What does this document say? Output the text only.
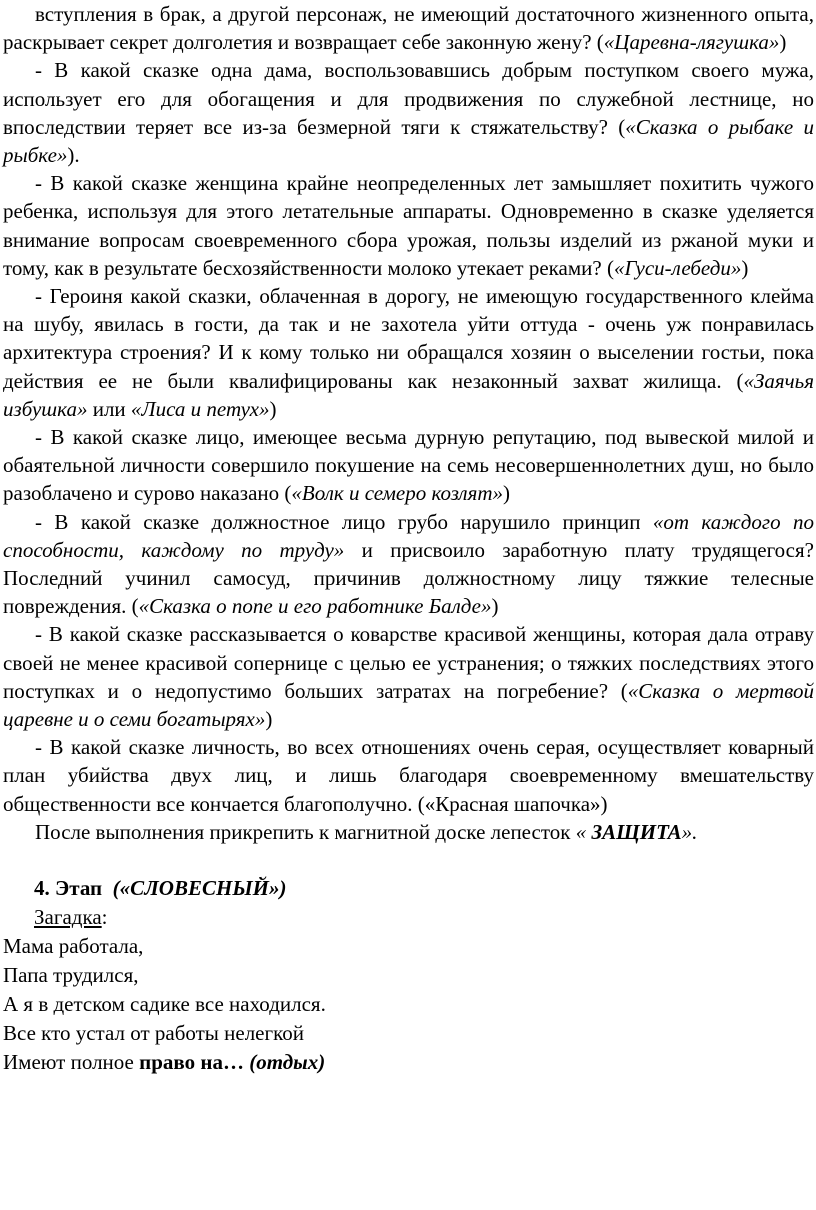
вступления в брак, а другой персонаж, не имеющий достаточного жизненного опыта, раскрывает секрет долголетия и возвращает себе законную жену? («Царевна-лягушка»)

- В какой сказке одна дама, воспользовавшись добрым поступком своего мужа, использует его для обогащения и для продвижения по служебной лестнице, но впоследствии теряет все из-за безмерной тяги к стяжательству? («Сказка о рыбаке и рыбке»).

- В какой сказке женщина крайне неопределенных лет замышляет похитить чужого ребенка, используя для этого летательные аппараты. Одновременно в сказке уделяется внимание вопросам своевременного сбора урожая, пользы изделий из ржаной муки и тому, как в результате бесхозяйственности молоко утекает реками? («Гуси-лебеди»)

- Героиня какой сказки, облаченная в дорогу, не имеющую государственного клейма на шубу, явилась в гости, да так и не захотела уйти оттуда - очень уж понравилась архитектура строения? И к кому только ни обращался хозяин о выселении гостьи, пока действия ее не были квалифицированы как незаконный захват жилища. («Заячья избушка» или «Лиса и петух»)

- В какой сказке лицо, имеющее весьма дурную репутацию, под вывеской милой и обаятельной личности совершило покушение на семь несовершеннолетних душ, но было разоблачено и сурово наказано («Волк и семеро козлят»)

- В какой сказке должностное лицо грубо нарушило принцип «от каждого по способности, каждому по труду» и присвоило заработную плату трудящегося? Последний учинил самосуд, причинив должностному лицу тяжкие телесные повреждения. («Сказка о попе и его работнике Балде»)

- В какой сказке рассказывается о коварстве красивой женщины, которая дала отраву своей не менее красивой сопернице с целью ее устранения; о тяжких последствиях этого поступках и о недопустимо больших затратах на погребение? («Сказка о мертвой царевне и о семи богатырях»)

- В какой сказке личность, во всех отношениях очень серая, осуществляет коварный план убийства двух лиц, и лишь благодаря своевременному вмешательству общественности все кончается благополучно. («Красная шапочка»)

После выполнения прикрепить к магнитной доске лепесток « ЗАЩИТА».

4. Этап («СЛОВЕСНЫЙ»)

Загадка:

Мама работала,

Папа трудился,

А я в детском садике все находился.

Все кто устал от работы нелегкой

Имеют полное право на… (отдых)
